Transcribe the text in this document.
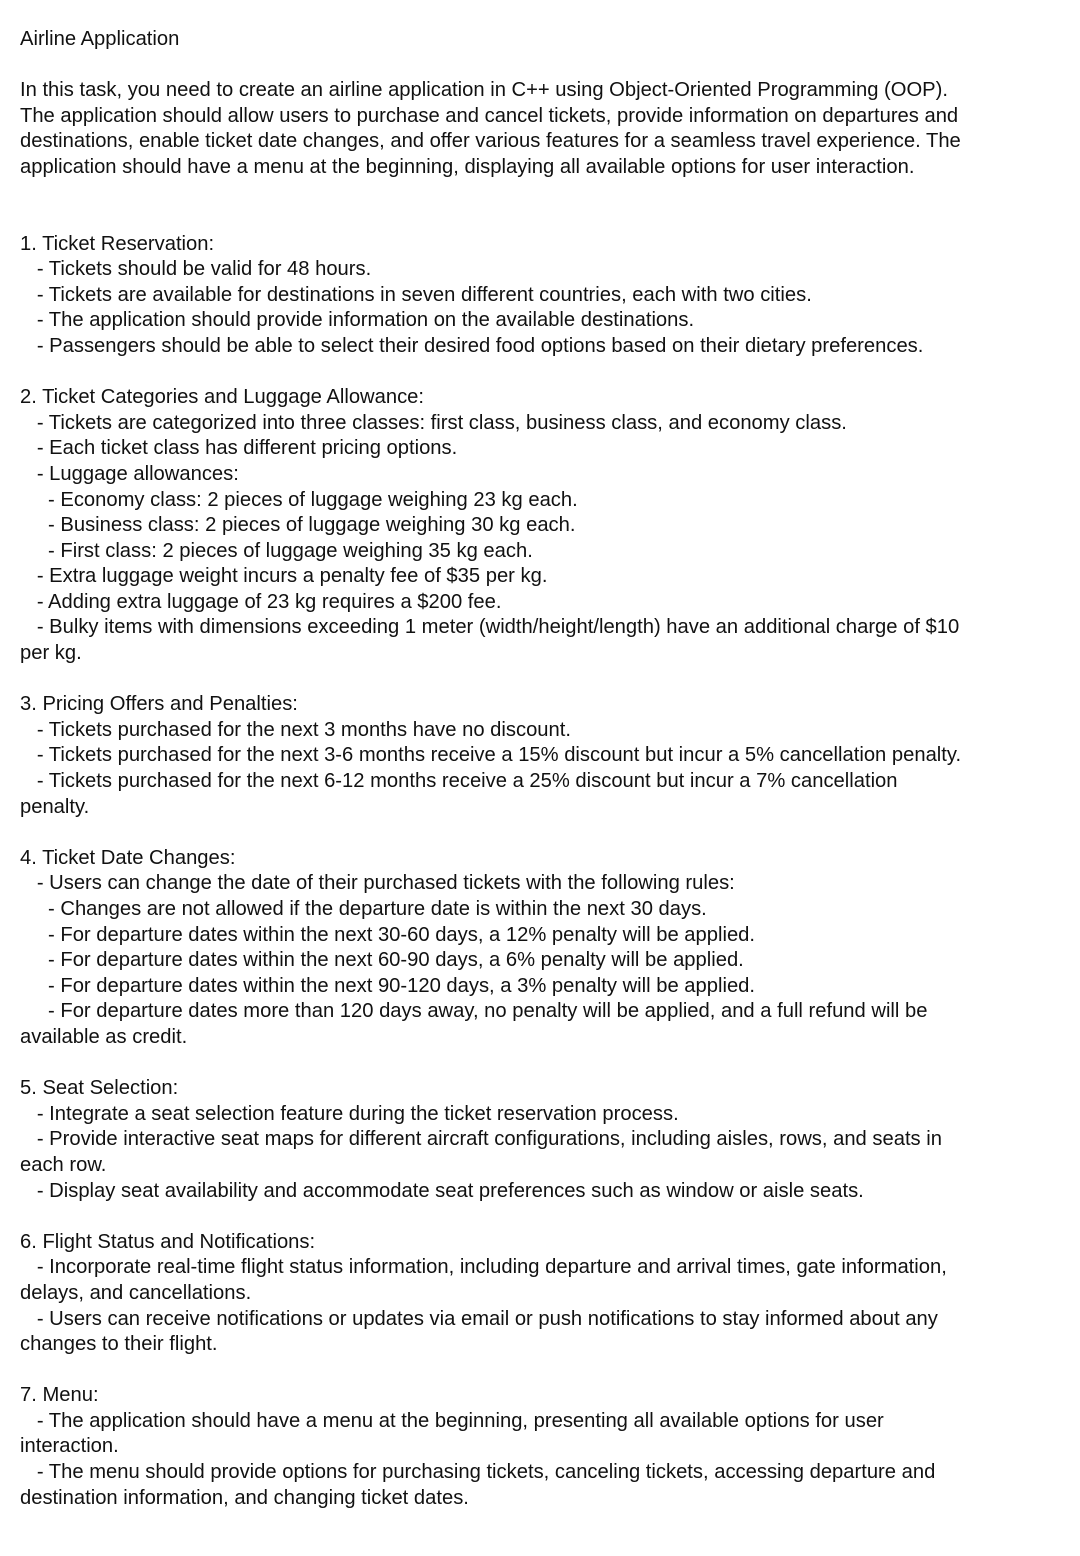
Airline Application
In this task, you need to create an airline application in C++ using Object-Oriented Programming (OOP).
The application should allow users to purchase and cancel tickets, provide information on departures and
destinations, enable ticket date changes, and offer various features for a seamless travel experience. The
application should have a menu at the beginning, displaying all available options for user interaction.
1. Ticket Reservation:
- Tickets should be valid for 48 hours.
- Tickets are available for destinations in seven different countries, each with two cities.
- The application should provide information on the available destinations.
- Passengers should be able to select their desired food options based on their dietary preferences.
2. Ticket Categories and Luggage Allowance:
- Tickets are categorized into three classes: first class, business class, and economy class.
- Each ticket class has different pricing options.
- Luggage allowances:
- Economy class: 2 pieces of luggage weighing 23 kg each.
- Business class: 2 pieces of luggage weighing 30 kg each.
- First class: 2 pieces of luggage weighing 35 kg each.
- Extra luggage weight incurs a penalty fee of $35 per kg.
- Adding extra luggage of 23 kg requires a $200 fee.
- Bulky items with dimensions exceeding 1 meter (width/height/length) have an additional charge of $10
per kg.
3. Pricing Offers and Penalties:
- Tickets purchased for the next 3 months have no discount.
- Tickets purchased for the next 3-6 months receive a 15% discount but incur a 5% cancellation penalty.
- Tickets purchased for the next 6-12 months receive a 25% discount but incur a 7% cancellation
penalty.
4. Ticket Date Changes:
- Users can change the date of their purchased tickets with the following rules:
- Changes are not allowed if the departure date is within the next 30 days.
- For departure dates within the next 30-60 days, a 12% penalty will be applied.
- For departure dates within the next 60-90 days, a 6% penalty will be applied.
- For departure dates within the next 90-120 days, a 3% penalty will be applied.
- For departure dates more than 120 days away, no penalty will be applied, and a full refund will be
available as credit.
5. Seat Selection:
- Integrate a seat selection feature during the ticket reservation process.
- Provide interactive seat maps for different aircraft configurations, including aisles, rows, and seats in
each row.
- Display seat availability and accommodate seat preferences such as window or aisle seats.
6. Flight Status and Notifications:
- Incorporate real-time flight status information, including departure and arrival times, gate information,
delays, and cancellations.
- Users can receive notifications or updates via email or push notifications to stay informed about any
changes to their flight.
7. Menu:
- The application should have a menu at the beginning, presenting all available options for user
interaction.
- The menu should provide options for purchasing tickets, canceling tickets, accessing departure and
destination information, and changing ticket dates.
